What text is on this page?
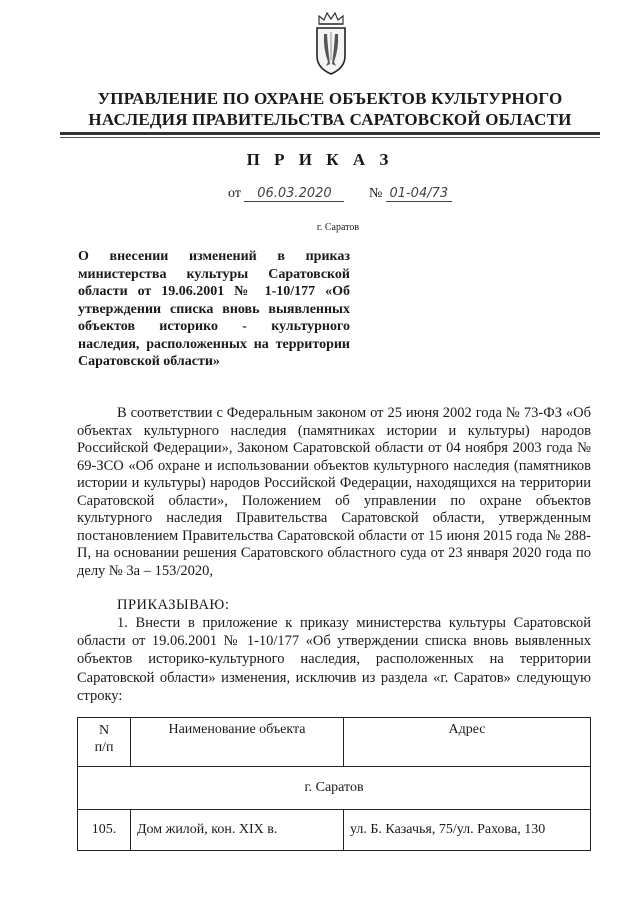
УПРАВЛЕНИЕ ПО ОХРАНЕ ОБЪЕКТОВ КУЛЬТУРНОГО
НАСЛЕДИЯ ПРАВИТЕЛЬСТВА САРАТОВСКОЙ ОБЛАСТИ
П Р И К А З
от 06.03.2020	№ 01-04/73
г. Саратов
О внесении изменений в приказ министерства культуры Саратовской области от 19.06.2001 № 1-10/177 «Об утверждении списка вновь выявленных объектов историко - культурного наследия, расположенных на территории Саратовской области»
В соответствии с Федеральным законом от 25 июня 2002 года № 73-ФЗ «Об объектах культурного наследия (памятниках истории и культуры) народов Российской Федерации», Законом Саратовской области от 04 ноября 2003 года № 69-ЗСО «Об охране и использовании объектов культурного наследия (памятников истории и культуры) народов Российской Федерации, находящихся на территории Саратовской области», Положением об управлении по охране объектов культурного наследия Правительства Саратовской области, утвержденным постановлением Правительства Саратовской области от 15 июня 2015 года № 288-П, на основании решения Саратовского областного суда от 23 января 2020 года по делу № 3а – 153/2020,
ПРИКАЗЫВАЮ:
1. Внести в приложение к приказу министерства культуры Саратовской области от 19.06.2001 № 1-10/177 «Об утверждении списка вновь выявленных объектов историко-культурного наследия, расположенных на территории Саратовской области» изменения, исключив из раздела «г. Саратов» следующую строку:
N
п/п	Наименование объекта	Адрес
г. Саратов		
105.	Дом жилой, кон. XIX в.	ул. Б. Казачья, 75/ул. Рахова, 130
